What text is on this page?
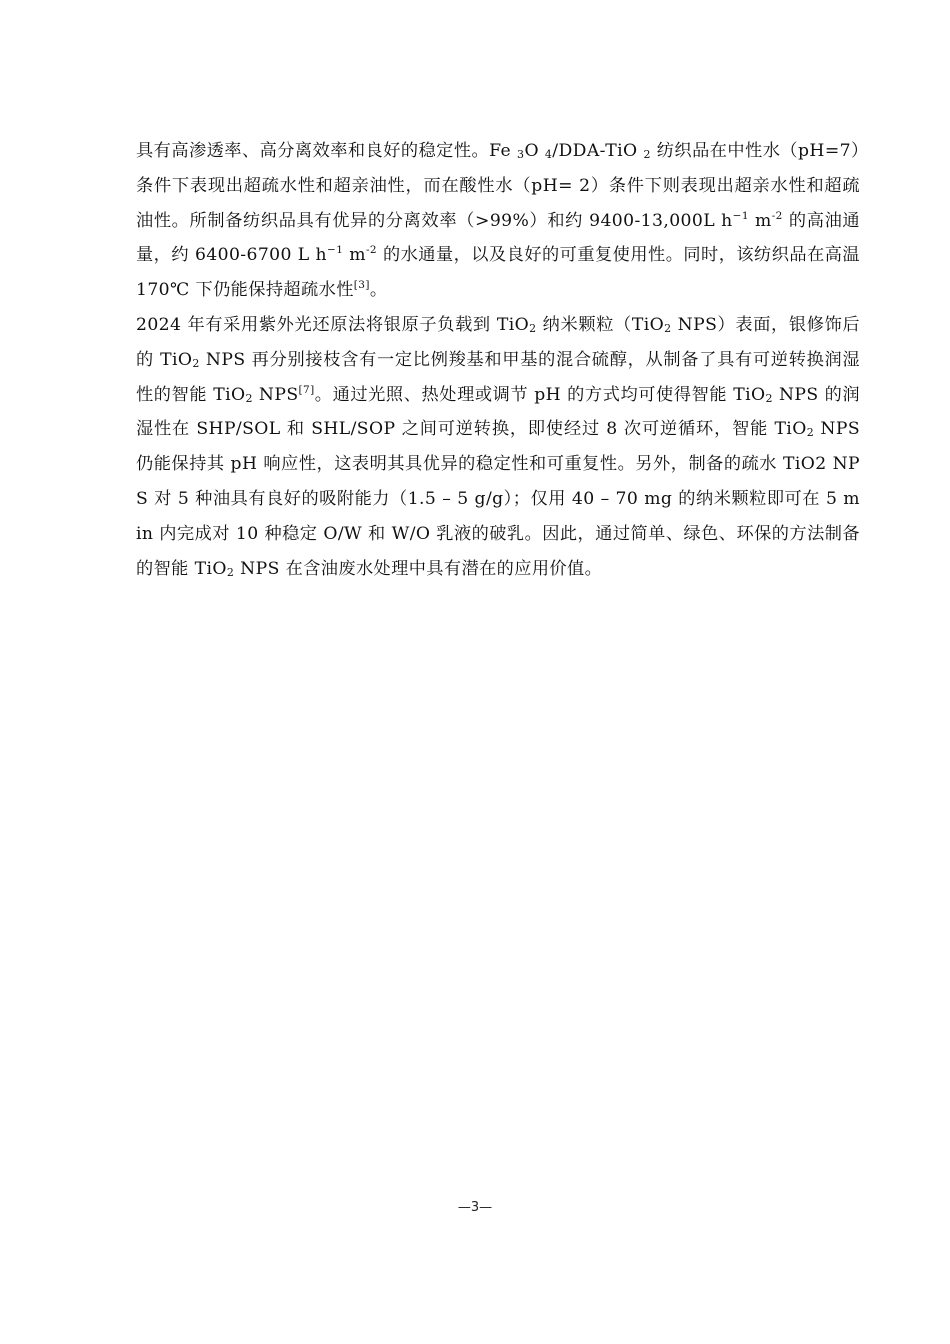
具有高渗透率、高分离效率和良好的稳定性。Fe 3O 4/DDA-TiO 2 纺织品在中性水（pH=7）条件下表现出超疏水性和超亲油性，而在酸性水（pH= 2）条件下则表现出超亲水性和超疏油性。所制备纺织品具有优异的分离效率（>99%）和约 9400-13,000L $h^{-1}$ $m^{-2}$ 的高油通量，约 6400-6700 L $h^{-1}$ $m^{-2}$ 的水通量，以及良好的可重复使用性。同时，该纺织品在高温 170℃ 下仍能保持超疏水性[3]。

2024 年有采用紫外光还原法将银原子负载到 TiO2 纳米颗粒（TiO2 NPS）表面，银修饰后的 TiO2 NPS 再分别接枝含有一定比例羧基和甲基的混合硫醇，从制备了具有可逆转换润湿性的智能 TiO2 NPS[7]。通过光照、热处理或调节 pH 的方式均可使得智能 TiO2 NPS 的润湿性在 SHP/SOL 和 SHL/SOP 之间可逆转换，即使经过 8 次可逆循环，智能 TiO2 NPS 仍能保持其 pH 响应性，这表明其具优异的稳定性和可重复性。另外，制备的疏水 TiO2 NPS 对 5 种油具有良好的吸附能力（1.5 – 5 g/g）；仅用 40 – 70 mg 的纳米颗粒即可在 5 min 内完成对 10 种稳定 O/W 和 W/O 乳液的破乳。因此，通过简单、绿色、环保的方法制备的智能 TiO2 NPS 在含油废水处理中具有潜在的应用价值。

—3—
